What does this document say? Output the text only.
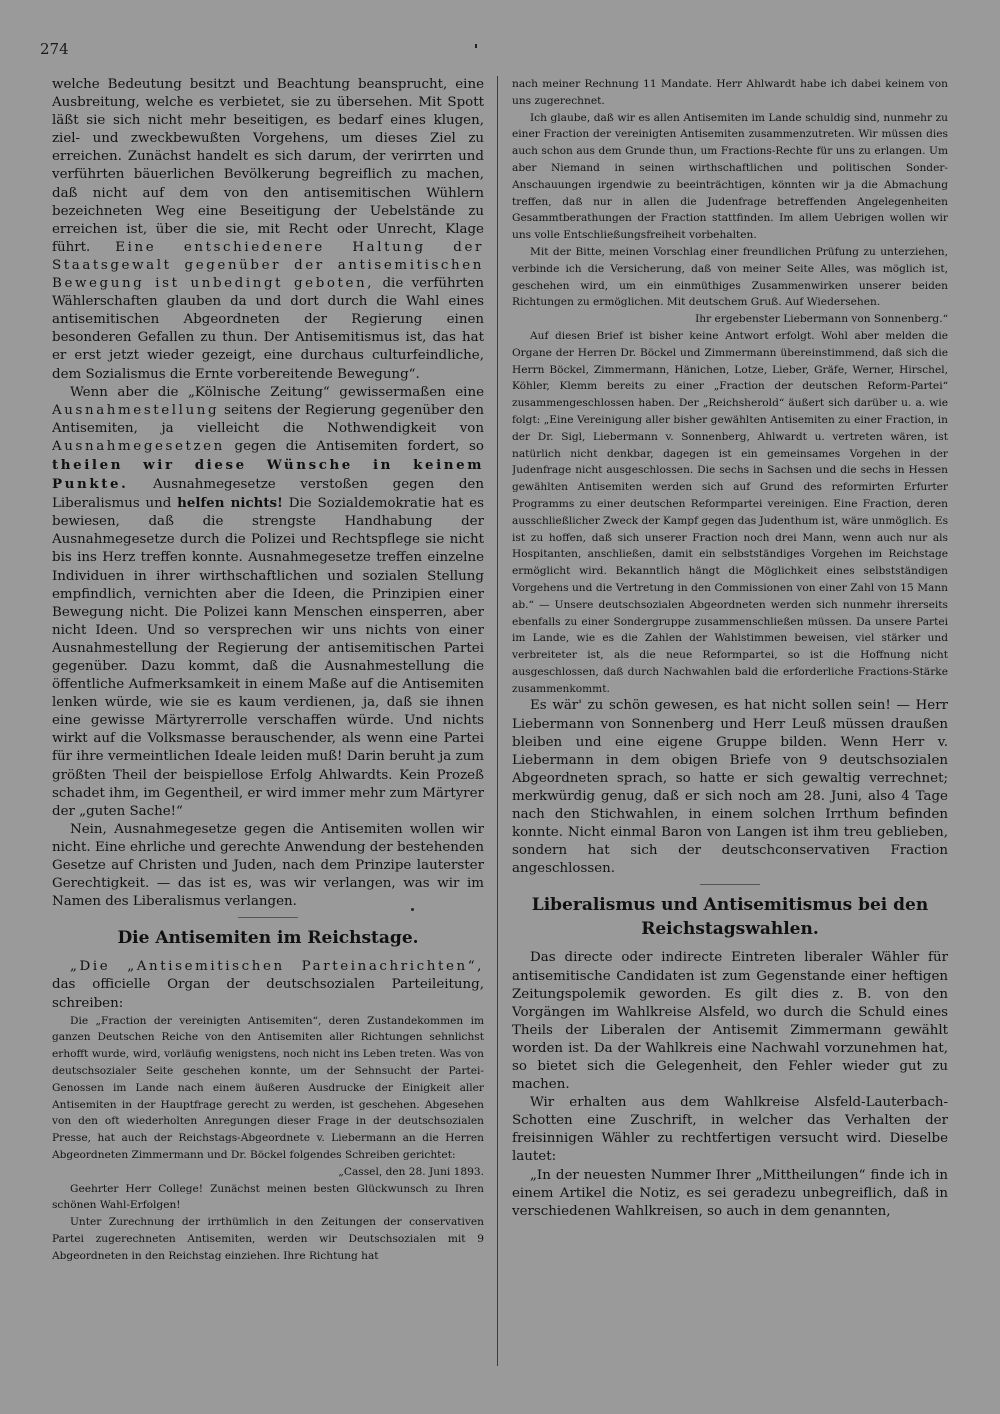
274

welche Bedeutung besitzt und Beachtung beansprucht, eine Ausbreitung, welche es verbietet, sie zu übersehen. Mit Spott läßt sie sich nicht mehr beseitigen, es bedarf eines klugen, ziel- und zweckbewußten Vorgehens, um dieses Ziel zu erreichen. Zunächst handelt es sich darum, der verirrten und verführten bäuerlichen Bevölkerung begreiflich zu machen, daß nicht auf dem von den antisemitischen Wühlern bezeichneten Weg eine Beseitigung der Uebelstände zu erreichen ist, über die sie, mit Recht oder Unrecht, Klage führt. Eine entschiedenere Haltung der Staatsgewalt gegenüber der antisemitischen Bewegung ist unbedingt geboten, die verführten Wählerschaften glauben da und dort durch die Wahl eines antisemitischen Abgeordneten der Regierung einen besonderen Gefallen zu thun. Der Antisemitismus ist, das hat er erst jetzt wieder gezeigt, eine durchaus culturfeindliche, dem Sozialismus die Ernte vorbereitende Bewegung“.

Wenn aber die „Kölnische Zeitung“ gewissermaßen eine Ausnahmestellung seitens der Regierung gegenüber den Antisemiten, ja vielleicht die Nothwendigkeit von Ausnahmegesetzen gegen die Antisemiten fordert, so theilen wir diese Wünsche in keinem Punkte. Ausnahmegesetze verstoßen gegen den Liberalismus und helfen nichts! Die Sozialdemokratie hat es bewiesen, daß die strengste Handhabung der Ausnahmegesetze durch die Polizei und Rechtspflege sie nicht bis ins Herz treffen konnte. Ausnahmegesetze treffen einzelne Individuen in ihrer wirthschaftlichen und sozialen Stellung empfindlich, vernichten aber die Ideen, die Prinzipien einer Bewegung nicht. Die Polizei kann Menschen einsperren, aber nicht Ideen. Und so versprechen wir uns nichts von einer Ausnahmestellung der Regierung der antisemitischen Partei gegenüber. Dazu kommt, daß die Ausnahmestellung die öffentliche Aufmerksamkeit in einem Maße auf die Antisemiten lenken würde, wie sie es kaum verdienen, ja, daß sie ihnen eine gewisse Märtyrerrolle verschaffen würde. Und nichts wirkt auf die Volksmasse berauschender, als wenn eine Partei für ihre vermeintlichen Ideale leiden muß! Darin beruht ja zum größten Theil der beispiellose Erfolg Ahlwardts. Kein Prozeß schadet ihm, im Gegentheil, er wird immer mehr zum Märtyrer der „guten Sache!“

Nein, Ausnahmegesetze gegen die Antisemiten wollen wir nicht. Eine ehrliche und gerechte Anwendung der bestehenden Gesetze auf Christen und Juden, nach dem Prinzipe lauterster Gerechtigkeit. — das ist es, was wir verlangen, was wir im Namen des Liberalismus verlangen.

Die Antisemiten im Reichstage.

„Die „Antisemitischen Parteinachrichten“, das officielle Organ der deutschsozialen Parteileitung, schreiben:

Die „Fraction der vereinigten Antisemiten“, deren Zustandekommen im ganzen Deutschen Reiche von den Antisemiten aller Richtungen sehnlichst erhofft wurde, wird, vorläufig wenigstens, noch nicht ins Leben treten. Was von deutschsozialer Seite geschehen konnte, um der Sehnsucht der Partei-Genossen im Lande nach einem äußeren Ausdrucke der Einigkeit aller Antisemiten in der Hauptfrage gerecht zu werden, ist geschehen. Abgesehen von den oft wiederholten Anregungen dieser Frage in der deutschsozialen Presse, hat auch der Reichstags-Abgeordnete v. Liebermann an die Herren Abgeordneten Zimmermann und Dr. Böckel folgendes Schreiben gerichtet:

„Cassel, den 28. Juni 1893.

Geehrter Herr College! Zunächst meinen besten Glückwunsch zu Ihren schönen Wahl-Erfolgen!

Unter Zurechnung der irrthümlich in den Zeitungen der conservativen Partei zugerechneten Antisemiten, werden wir Deutschsozialen mit 9 Abgeordneten in den Reichstag einziehen. Ihre Richtung hat

nach meiner Rechnung 11 Mandate. Herr Ahlwardt habe ich dabei keinem von uns zugerechnet.

Ich glaube, daß wir es allen Antisemiten im Lande schuldig sind, nunmehr zu einer Fraction der vereinigten Antisemiten zusammenzutreten. Wir müssen dies auch schon aus dem Grunde thun, um Fractions-Rechte für uns zu erlangen. Um aber Niemand in seinen wirthschaftlichen und politischen Sonder-Anschauungen irgendwie zu beeinträchtigen, könnten wir ja die Abmachung treffen, daß nur in allen die Judenfrage betreffenden Angelegenheiten Gesammtberathungen der Fraction stattfinden. Im allem Uebrigen wollen wir uns volle Entschließungsfreiheit vorbehalten.

Mit der Bitte, meinen Vorschlag einer freundlichen Prüfung zu unterziehen, verbinde ich die Versicherung, daß von meiner Seite Alles, was möglich ist, geschehen wird, um ein einmüthiges Zusammenwirken unserer beiden Richtungen zu ermöglichen. Mit deutschem Gruß. Auf Wiedersehen.

Ihr ergebenster Liebermann von Sonnenberg.“

Auf diesen Brief ist bisher keine Antwort erfolgt. Wohl aber melden die Organe der Herren Dr. Böckel und Zimmermann übereinstimmend, daß sich die Herrn Böckel, Zimmermann, Hänichen, Lotze, Lieber, Gräfe, Werner, Hirschel, Köhler, Klemm bereits zu einer „Fraction der deutschen Reform-Partei“ zusammengeschlossen haben. Der „Reichsherold“ äußert sich darüber u. a. wie folgt: „Eine Vereinigung aller bisher gewählten Antisemiten zu einer Fraction, in der Dr. Sigl, Liebermann v. Sonnenberg, Ahlwardt u. vertreten wären, ist natürlich nicht denkbar, dagegen ist ein gemeinsames Vorgehen in der Judenfrage nicht ausgeschlossen. Die sechs in Sachsen und die sechs in Hessen gewählten Antisemiten werden sich auf Grund des reformirten Erfurter Programms zu einer deutschen Reformpartei vereinigen. Eine Fraction, deren ausschließlicher Zweck der Kampf gegen das Judenthum ist, wäre unmöglich. Es ist zu hoffen, daß sich unserer Fraction noch drei Mann, wenn auch nur als Hospitanten, anschließen, damit ein selbstständiges Vorgehen im Reichstage ermöglicht wird. Bekanntlich hängt die Möglichkeit eines selbstständigen Vorgehens und die Vertretung in den Commissionen von einer Zahl von 15 Mann ab.“ — Unsere deutschsozialen Abgeordneten werden sich nunmehr ihrerseits ebenfalls zu einer Sondergruppe zusammenschließen müssen. Da unsere Partei im Lande, wie es die Zahlen der Wahlstimmen beweisen, viel stärker und verbreiteter ist, als die neue Reformpartei, so ist die Hoffnung nicht ausgeschlossen, daß durch Nachwahlen bald die erforderliche Fractions-Stärke zusammenkommt.

Es wär' zu schön gewesen, es hat nicht sollen sein! — Herr Liebermann von Sonnenberg und Herr Leuß müssen draußen bleiben und eine eigene Gruppe bilden. Wenn Herr v. Liebermann in dem obigen Briefe von 9 deutschsozialen Abgeordneten sprach, so hatte er sich gewaltig verrechnet; merkwürdig genug, daß er sich noch am 28. Juni, also 4 Tage nach den Stichwahlen, in einem solchen Irrthum befinden konnte. Nicht einmal Baron von Langen ist ihm treu geblieben, sondern hat sich der deutschconservativen Fraction angeschlossen.

Liberalismus und Antisemitismus bei den Reichstagswahlen.

Das directe oder indirecte Eintreten liberaler Wähler für antisemitische Candidaten ist zum Gegenstande einer heftigen Zeitungspolemik geworden. Es gilt dies z. B. von den Vorgängen im Wahlkreise Alsfeld, wo durch die Schuld eines Theils der Liberalen der Antisemit Zimmermann gewählt worden ist. Da der Wahlkreis eine Nachwahl vorzunehmen hat, so bietet sich die Gelegenheit, den Fehler wieder gut zu machen.

Wir erhalten aus dem Wahlkreise Alsfeld-Lauterbach-Schotten eine Zuschrift, in welcher das Verhalten der freisinnigen Wähler zu rechtfertigen versucht wird. Dieselbe lautet:

„In der neuesten Nummer Ihrer „Mittheilungen“ finde ich in einem Artikel die Notiz, es sei geradezu unbegreiflich, daß in verschiedenen Wahlkreisen, so auch in dem genannten,
